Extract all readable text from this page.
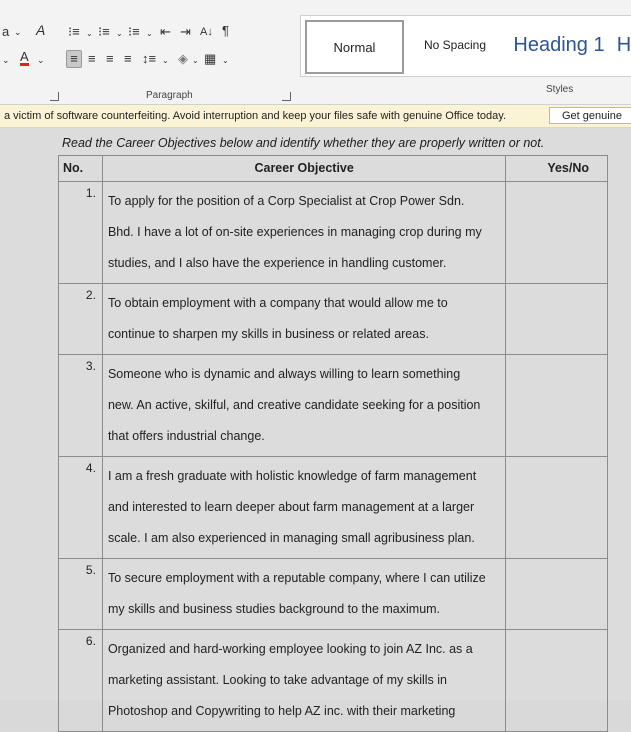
a ⌄ A
⌄ A ⌄
⁝≡ ⌄ ⁝≡ ⌄ ⁝≡ ⌄ ⇤ ⇥ A↓ ¶
≡ ≡ ≡ ≡ ↕≡ ⌄ ◈ ⌄ ▦ ⌄
Paragraph
Styles
Normal	No Spacing	Heading 1 H
a victim of software counterfeiting. Avoid interruption and keep your files safe with genuine Office today.	Get genuine
Read the Career Objectives below and identify whether they are properly written or not.
No.	Career Objective	Yes/No
1.	To apply for the position of a Corp Specialist at Crop Power Sdn.
Bhd. I have a lot of on-site experiences in managing crop during my
studies, and I also have the experience in handling customer.	

2.	To obtain employment with a company that would allow me to
continue to sharpen my skills in business or related areas.	

3.	Someone who is dynamic and always willing to learn something
new. An active, skilful, and creative candidate seeking for a position
that offers industrial change.	

4.	I am a fresh graduate with holistic knowledge of farm management
and interested to learn deeper about farm management at a larger
scale. I am also experienced in managing small agribusiness plan.	

5.	To secure employment with a reputable company, where I can utilize
my skills and business studies background to the maximum.	

6.	Organized and hard-working employee looking to join AZ Inc. as a
marketing assistant. Looking to take advantage of my skills in
Photoshop and Copywriting to help AZ inc. with their marketing	
